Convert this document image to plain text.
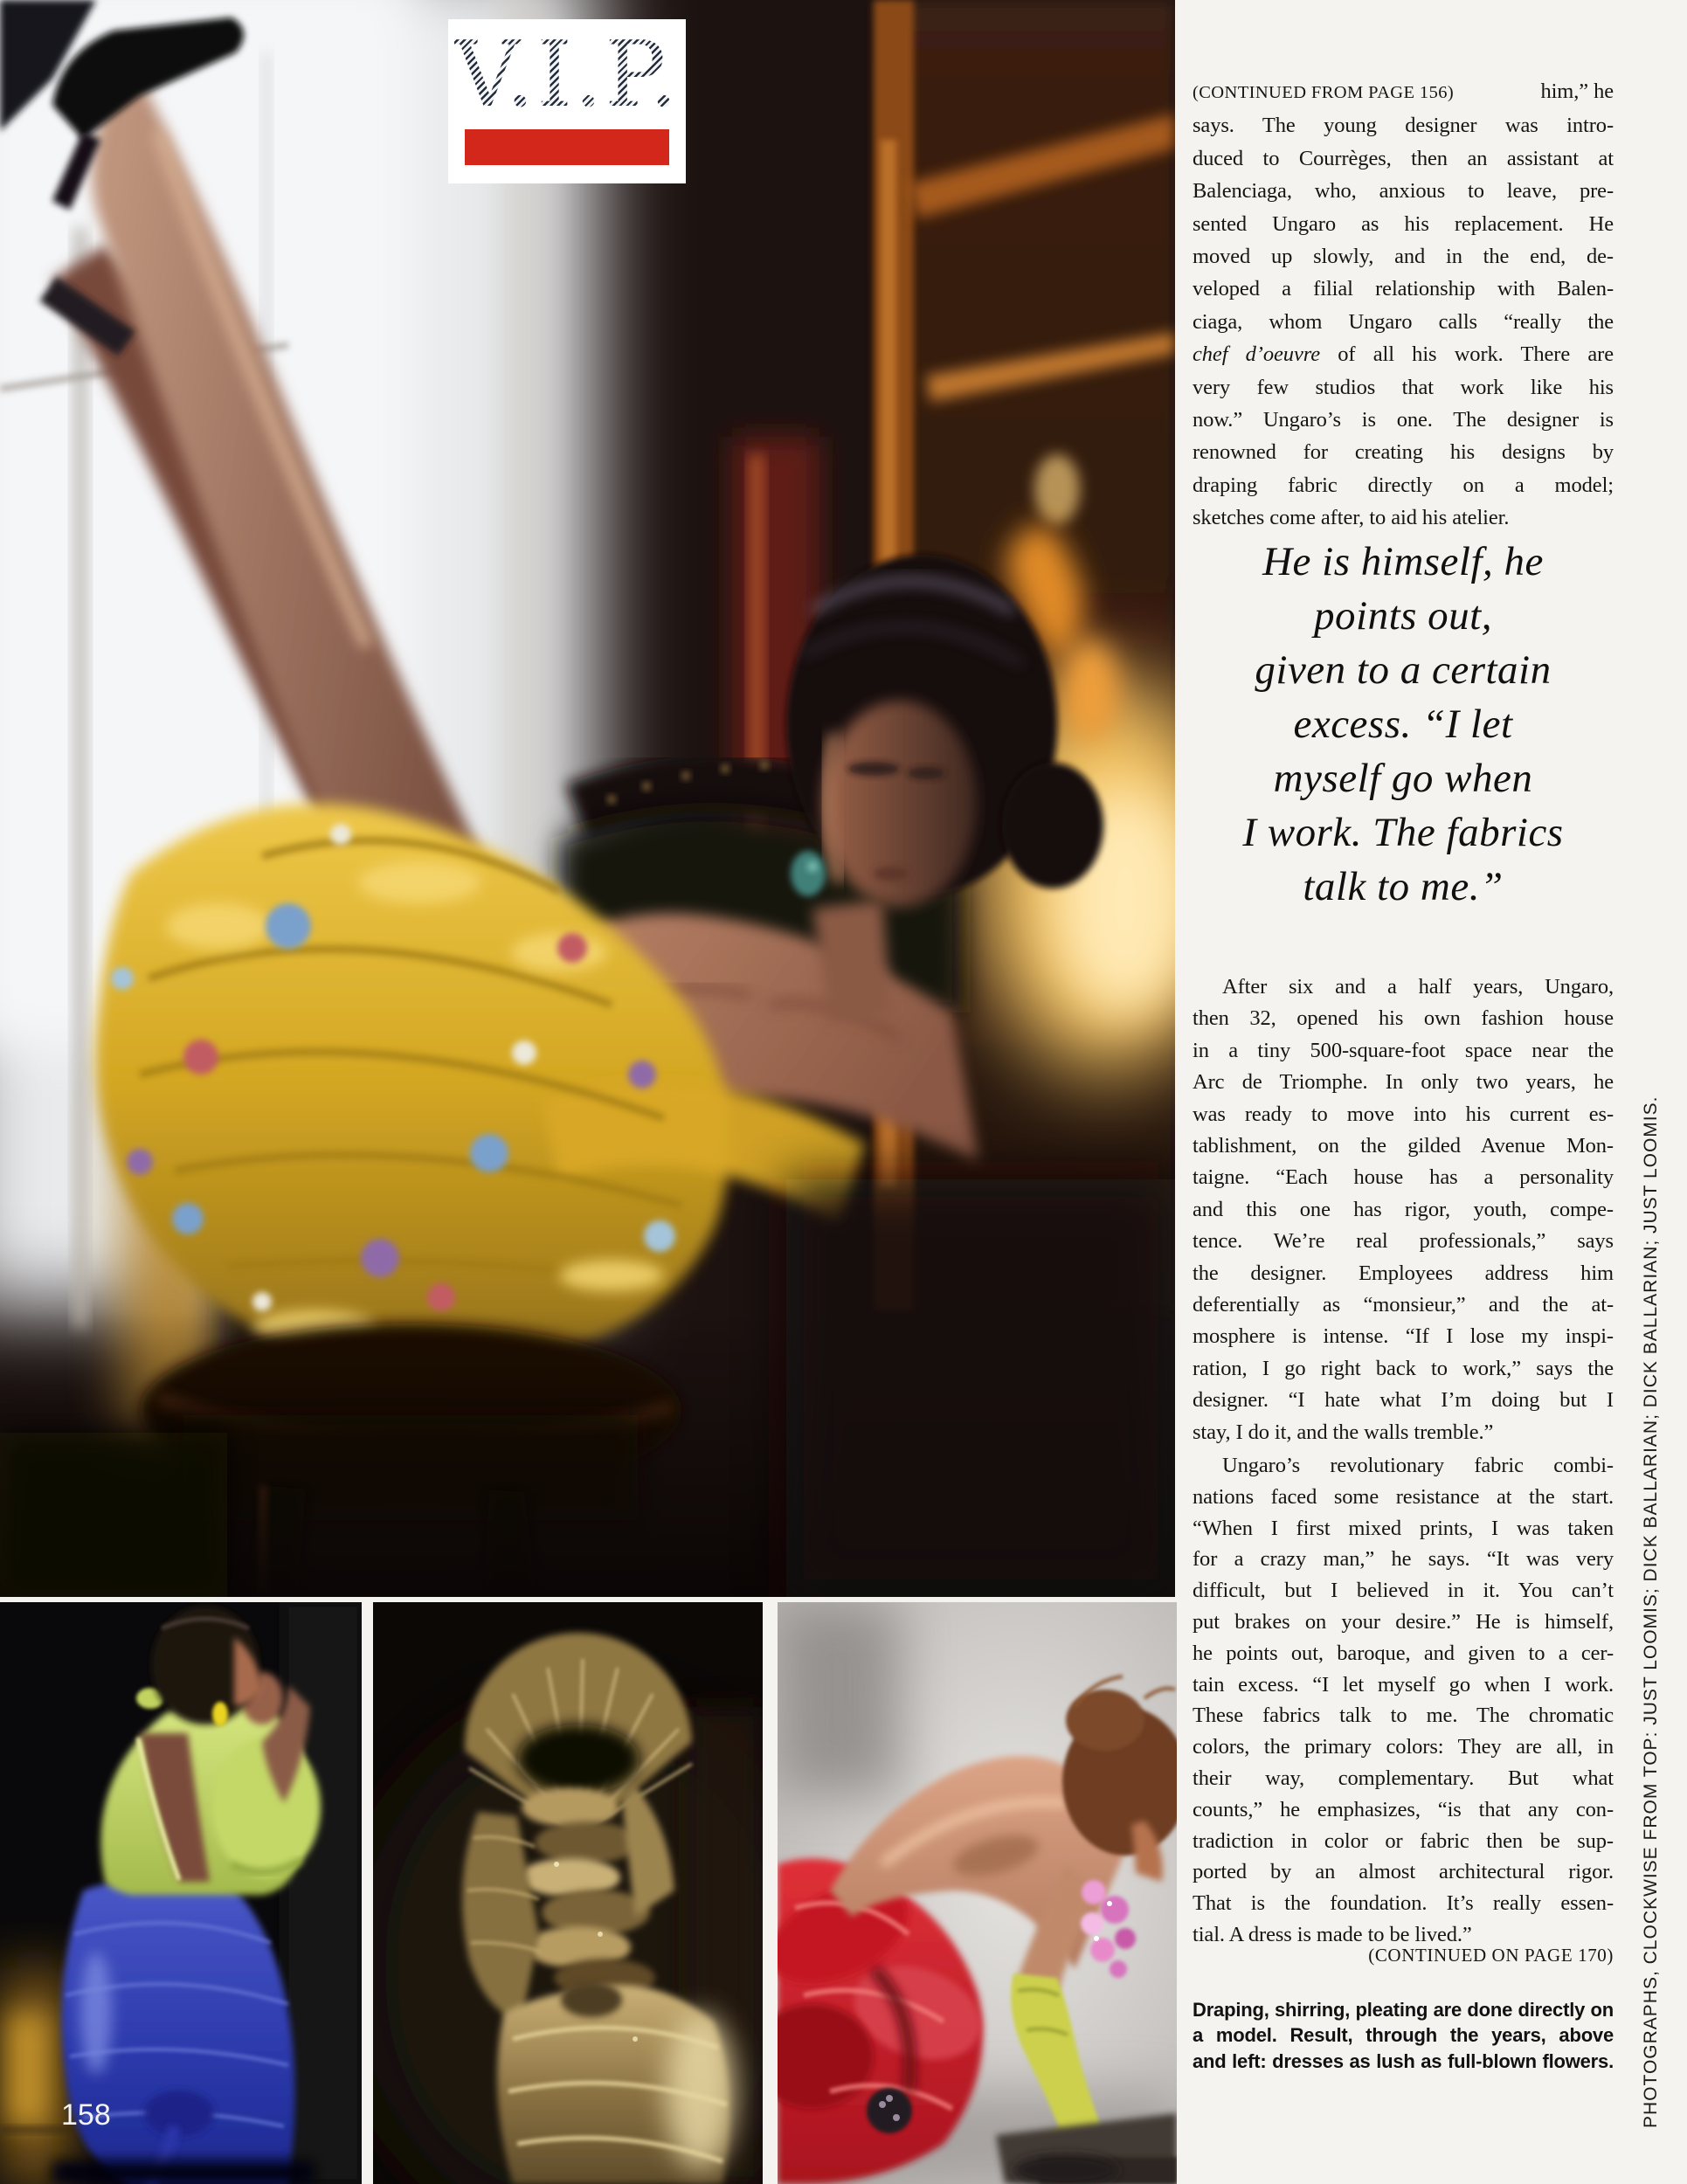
V.I.P.	(CONTINUED FROM PAGE 156)	him,” he
says. The young designer was intro-
duced to Courrèges, then an assistant at
Balenciaga, who, anxious to leave, pre-
sented Ungaro as his replacement. He
moved up slowly, and in the end, de-
veloped a filial relationship with Balen-
ciaga, whom Ungaro calls “really the
chef d’oeuvre of all his work. There are
very few studios that work like his
now.” Ungaro’s is one. The designer is
renowned for creating his designs by
draping fabric directly on a model;
sketches come after, to aid his atelier.
He is himself, he
points out,
given to a certain
excess. “I let
myself go when
I work. The fabrics
talk to me.”
After six and a half years, Ungaro,
then 32, opened his own fashion house
in a tiny 500-square-foot space near the
Arc de Triomphe. In only two years, he
was ready to move into his current es-
tablishment, on the gilded Avenue Mon-
taigne. “Each house has a personality
and this one has rigor, youth, compe-
tence. We’re real professionals,” says
the designer. Employees address him
deferentially as “monsieur,” and the at-
mosphere is intense. “If I lose my inspi-
ration, I go right back to work,” says the
designer. “I hate what I’m doing but I
stay, I do it, and the walls tremble.”
Ungaro’s revolutionary fabric combi-
nations faced some resistance at the start.
“When I first mixed prints, I was taken
for a crazy man,” he says. “It was very
difficult, but I believed in it. You can’t
put brakes on your desire.” He is himself,
he points out, baroque, and given to a cer-
tain excess. “I let myself go when I work.
These fabrics talk to me. The chromatic
colors, the primary colors: They are all, in
their way, complementary. But what
counts,” he emphasizes, “is that any con-
tradiction in color or fabric then be sup-
ported by an almost architectural rigor.
That is the foundation. It’s really essen-
tial. A dress is made to be lived.”
(CONTINUED ON PAGE 170)
Draping, shirring, pleating are done directly on
a model. Result, through the years, above
and left: dresses as lush as full-blown flowers. PHOTOGRAPHS, CLOCKWISE FROM TOP: JUST LOOMIS; DICK BALLARIAN; DICK BALLARIAN; JUST LOOMIS.
158
